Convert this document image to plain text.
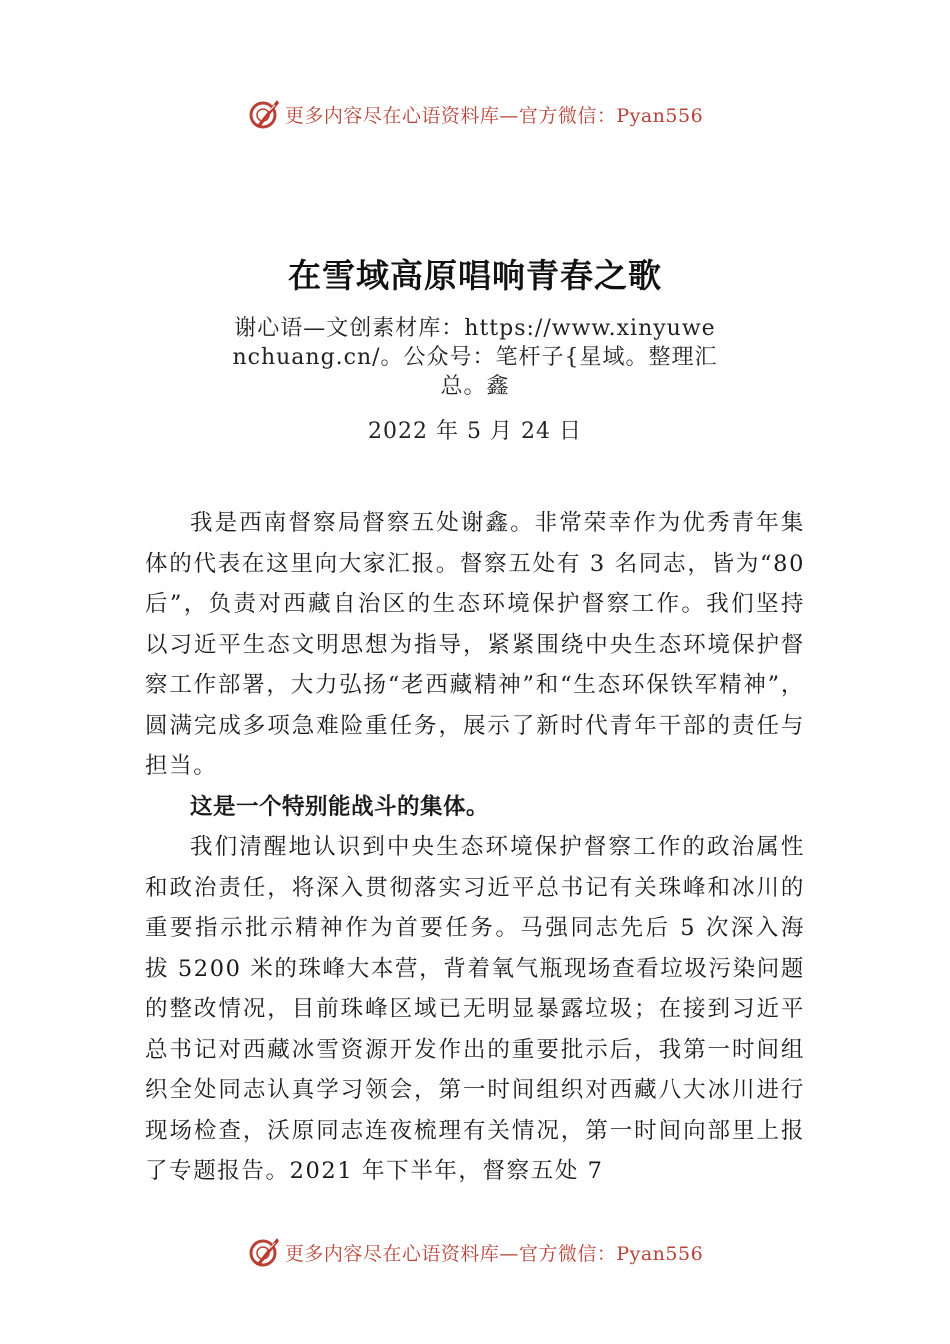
更多内容尽在心语资料库—官方微信：Pyan556
在雪域高原唱响青春之歌
谢心语—文创素材库：https://www.xinyuwenchuang.cn/。公众号：笔杆子{星域。整理汇总。鑫
2022 年 5 月 24 日

我是西南督察局督察五处谢鑫。非常荣幸作为优秀青年集体的代表在这里向大家汇报。督察五处有 3 名同志，皆为“80 后”，负责对西藏自治区的生态环境保护督察工作。我们坚持以习近平生态文明思想为指导，紧紧围绕中央生态环境保护督察工作部署，大力弘扬“老西藏精神”和“生态环保铁军精神”，圆满完成多项急难险重任务，展示了新时代青年干部的责任与担当。

这是一个特别能战斗的集体。

我们清醒地认识到中央生态环境保护督察工作的政治属性和政治责任，将深入贯彻落实习近平总书记有关珠峰和冰川的重要指示批示精神作为首要任务。马强同志先后 5 次深入海拔 5200 米的珠峰大本营，背着氧气瓶现场查看垃圾污染问题的整改情况，目前珠峰区域已无明显暴露垃圾；在接到习近平总书记对西藏冰雪资源开发作出的重要批示后，我第一时间组织全处同志认真学习领会，第一时间组织对西藏八大冰川进行现场检查，沃原同志连夜梳理有关情况，第一时间向部里上报了专题报告。2021 年下半年，督察五处 7

更多内容尽在心语资料库—官方微信：Pyan556
